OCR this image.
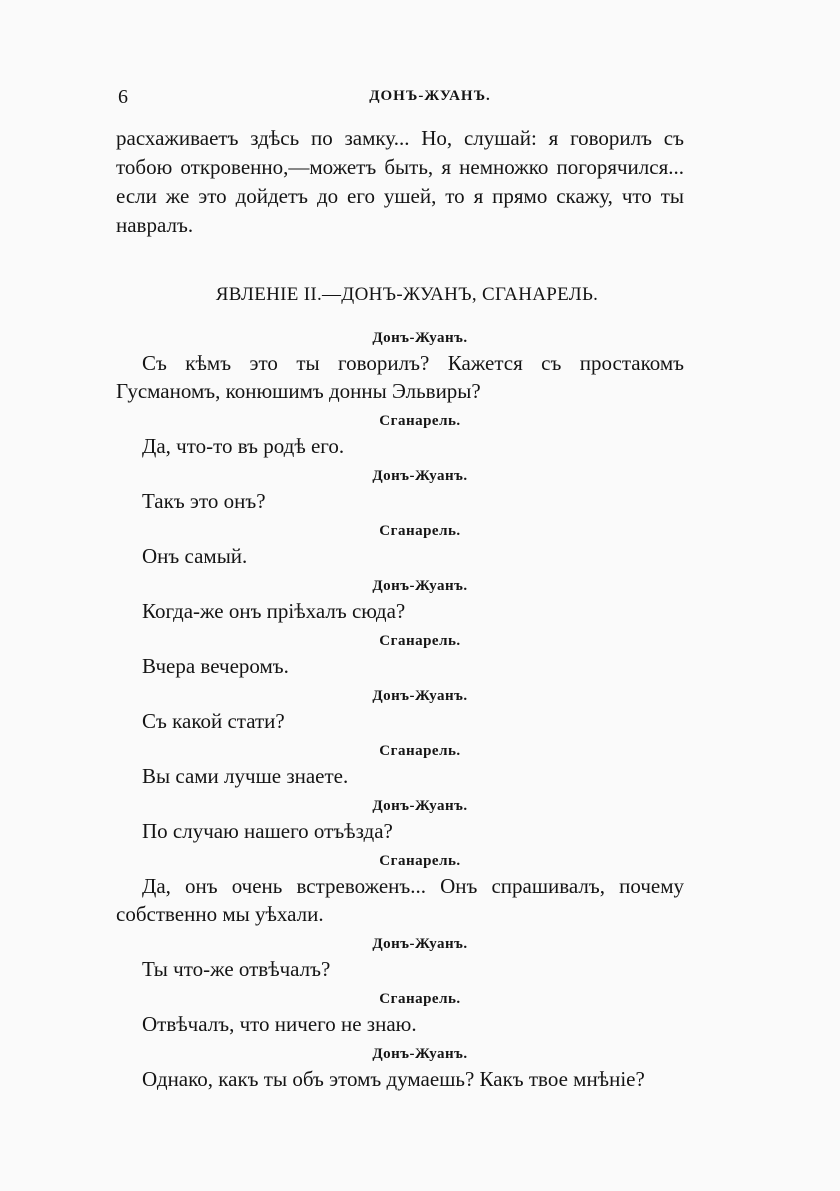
6	ДОНЪ-ЖУАНЪ.

расхаживаетъ здѣсь по замку... Но, слушай: я говорилъ съ тобою откровенно,—можетъ быть, я немножко погорячился... если же это дойдетъ до его ушей, то я прямо скажу, что ты навралъ.

ЯВЛЕНІЕ II.—ДОНЪ-ЖУАНЪ, СГАНАРЕЛЬ.
Донъ-Жуанъ.

Съ кѣмъ это ты говорилъ? Кажется съ простакомъ Гусманомъ, конюшимъ донны Эльвиры?

Сганарель.

Да, что-то въ родѣ его.

Донъ-Жуанъ.

Такъ это онъ?

Сганарель.

Онъ самый.

Донъ-Жуанъ.

Когда-же онъ пріѣхалъ сюда?

Сганарель.

Вчера вечеромъ.

Донъ-Жуанъ.

Съ какой стати?

Сганарель.

Вы сами лучше знаете.

Донъ-Жуанъ.

По случаю нашего отъѣзда?

Сганарель.

Да, онъ очень встревоженъ... Онъ спрашивалъ, почему собственно мы уѣхали.

Донъ-Жуанъ.

Ты что-же отвѣчалъ?

Сганарель.

Отвѣчалъ, что ничего не знаю.

Донъ-Жуанъ.

Однако, какъ ты объ этомъ думаешь? Какъ твое мнѣніе?
